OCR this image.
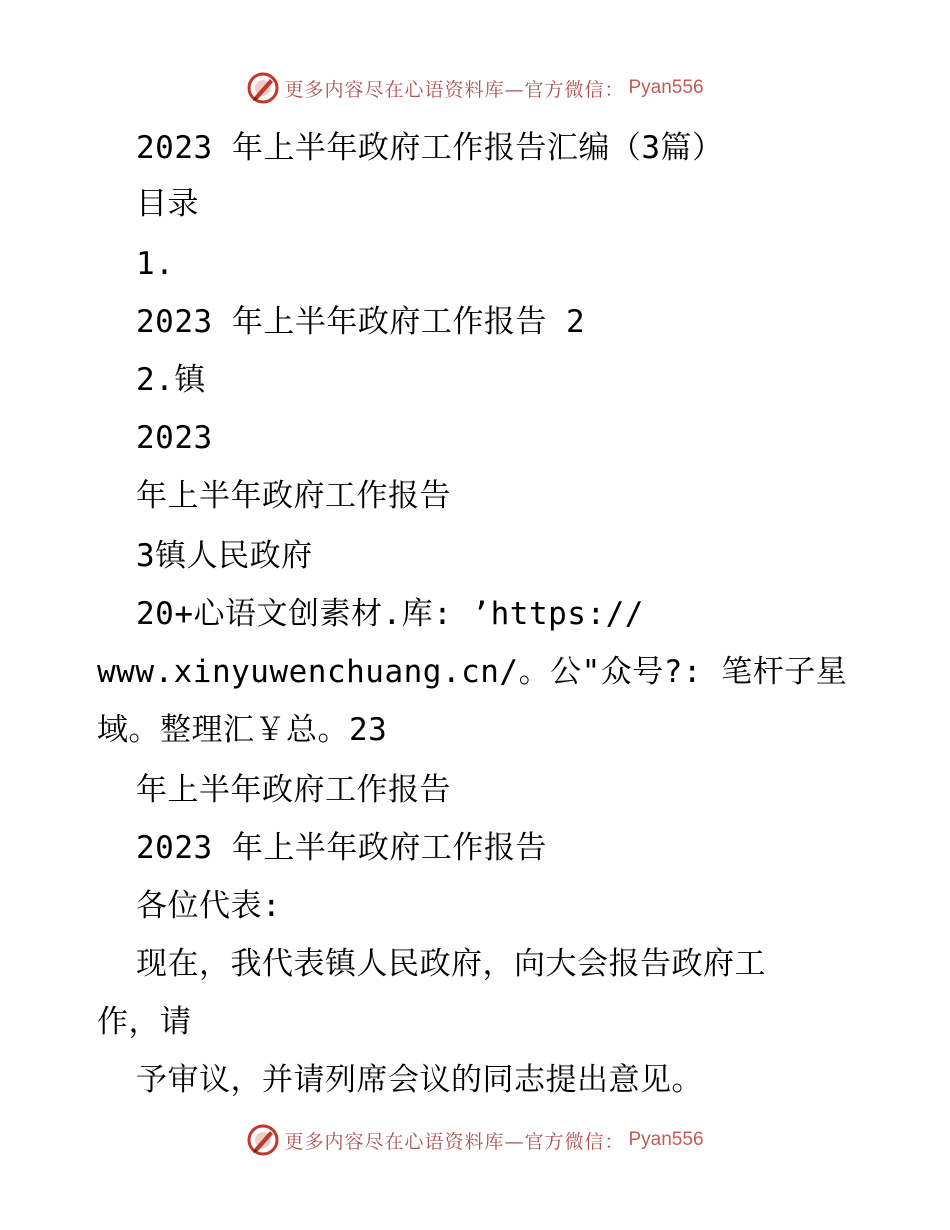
更多内容尽在心语资料库—官方微信： Pyan556
2023 年上半年政府工作报告汇编（3篇）
目录
1.
2023 年上半年政府工作报告 2
2.镇
2023
年上半年政府工作报告
3镇人民政府
20+心语文创素材.库: ’https://
www.xinyuwenchuang.cn/。公"众号?: 笔杆子星
域。整理汇￥总。23
年上半年政府工作报告
2023 年上半年政府工作报告
各位代表:
现在，我代表镇人民政府，向大会报告政府工
作，请
予审议，并请列席会议的同志提出意见。
更多内容尽在心语资料库—官方微信： Pyan556
